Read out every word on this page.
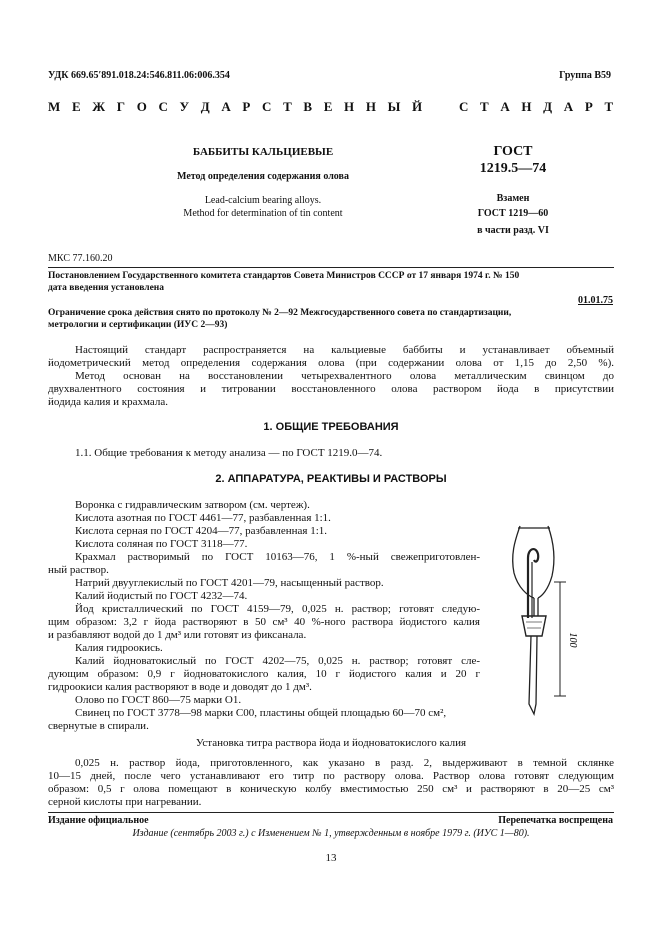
УДК 669.65′891.018.24:546.811.06:006.354	Группа В59
М Е Ж Г О С У Д А Р С Т В Е Н Н Ы Й
	С Т А Н Д А Р Т
БАББИТЫ КАЛЬЦИЕВЫЕ
Метод определения содержания олова
Lead-calcium bearing alloys.
Method for determination of tin content
ГОСТ
1219.5—74
Взамен
ГОСТ 1219—60
в части разд. VI
МКС 77.160.20
Постановлением Государственного комитета стандартов Совета Министров СССР от 17 января 1974 г. № 150
дата введения установлена
01.01.75
Ограничение срока действия снято по протоколу № 2—92 Межгосударственного совета по стандартизации,
метрологии и сертификации (ИУС 2—93)
Настоящий стандарт распространяется на кальциевые баббиты и устанавливает объемный
йодометрический метод определения содержания олова (при содержании олова от 1,15 до 2,50 %).
Метод основан на восстановлении четырехвалентного олова металлическим свинцом до
двухвалентного состояния и титровании восстановленного олова раствором йода в присутствии
йодида калия и крахмала.
1. ОБЩИЕ ТРЕБОВАНИЯ
1.1. Общие требования к методу анализа — по ГОСТ 1219.0—74.
2. АППАРАТУРА, РЕАКТИВЫ И РАСТВОРЫ
Воронка с гидравлическим затвором (см. чертеж).
Кислота азотная по ГОСТ 4461—77, разбавленная 1:1.
Кислота серная по ГОСТ 4204—77, разбавленная 1:1.
Кислота соляная по ГОСТ 3118—77.
Крахмал растворимый по ГОСТ 10163—76, 1 %-ный свежеприготовлен-
ный раствор.
Натрий двууглекислый по ГОСТ 4201—79, насыщенный раствор.
Калий йодистый по ГОСТ 4232—74.
Йод кристаллический по ГОСТ 4159—79, 0,025 н. раствор; готовят следую-
щим образом: 3,2 г йода растворяют в 50 см³ 40 %-ного раствора йодистого калия
и разбавляют водой до 1 дм³ или готовят из фиксанала.
Калия гидроокись.
Калий йодноватокислый по ГОСТ 4202—75, 0,025 н. раствор; готовят сле-
дующим образом: 0,9 г йодноватокислого калия, 10 г йодистого калия и 20 г
гидроокиси калия растворяют в воде и доводят до 1 дм³.
Олово по ГОСТ 860—75 марки О1.
Свинец по ГОСТ 3778—98 марки С00, пластины общей площадью 60—70 см²,
свернутые в спирали.
100
Установка титра раствора йода и йодноватокислого калия
0,025 н. раствор йода, приготовленного, как указано в разд. 2, выдерживают в темной склянке
10—15 дней, после чего устанавливают его титр по раствору олова. Раствор олова готовят следующим
образом: 0,5 г олова помещают в коническую колбу вместимостью 250 см³ и растворяют в 20—25 см³
серной кислоты при нагревании.
Издание официальное	Перепечатка воспрещена
Издание (сентябрь 2003 г.) с Изменением № 1, утвержденным в ноябре 1979 г. (ИУС 1—80).
13
